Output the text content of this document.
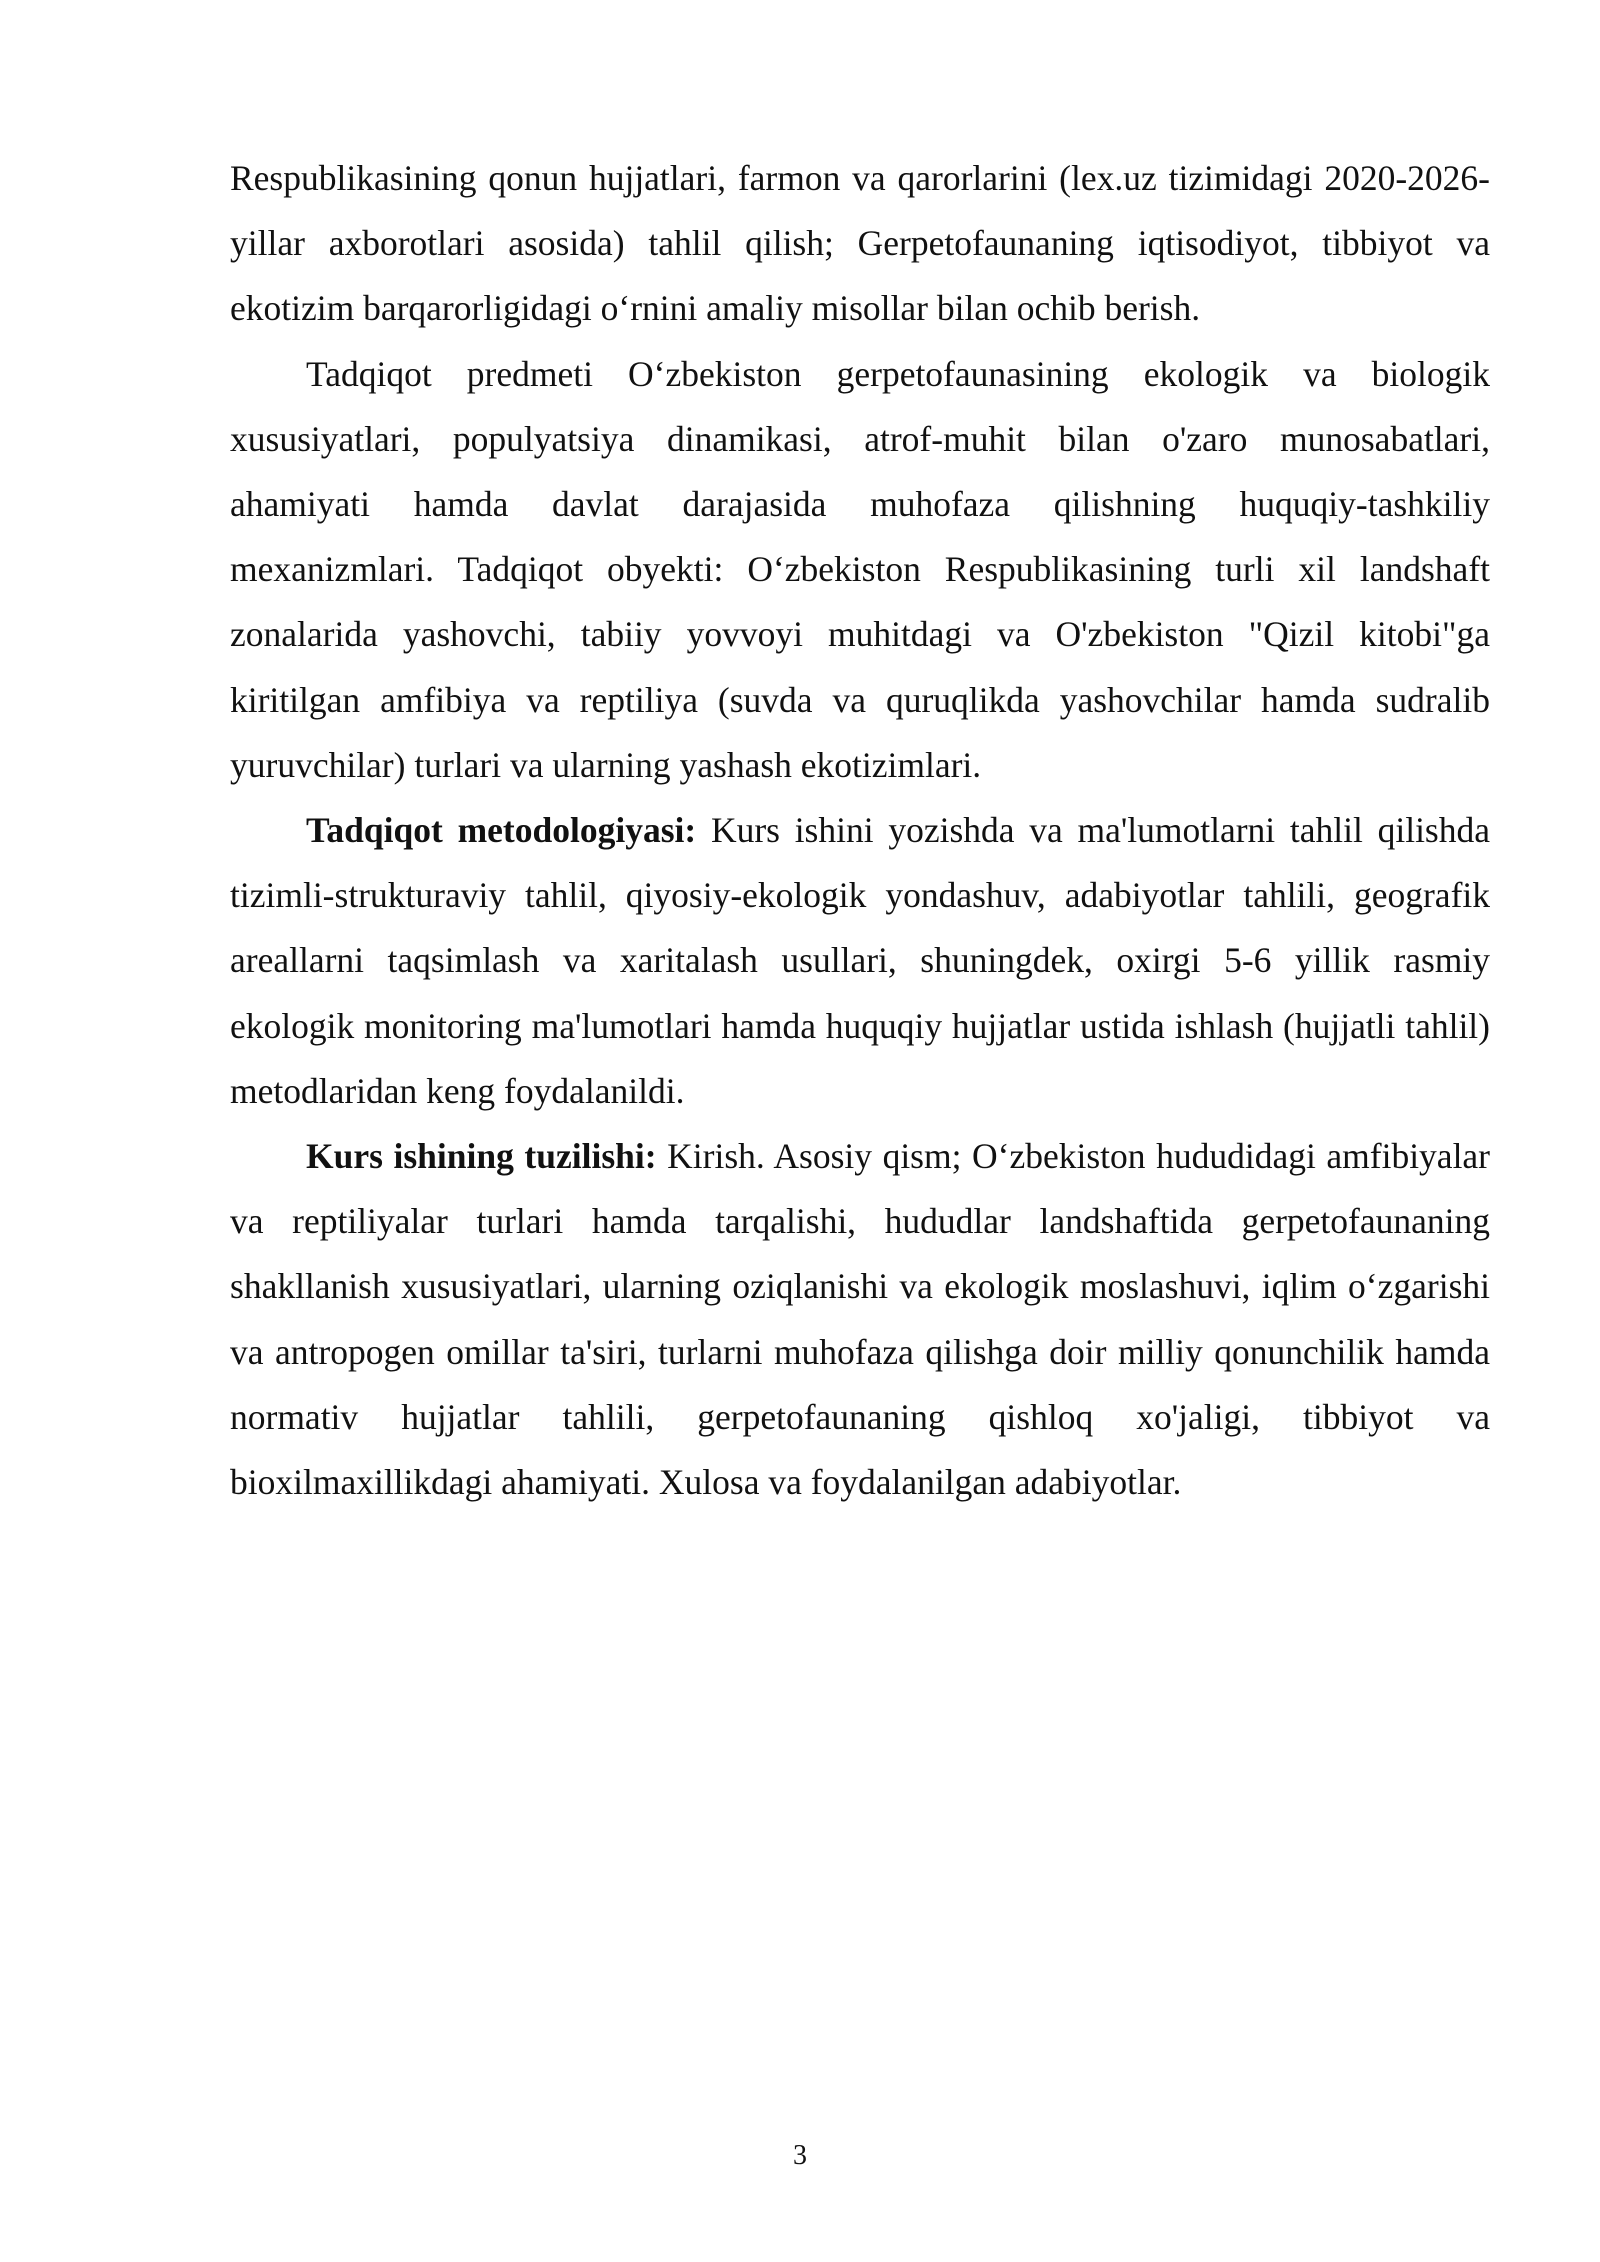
Respublikasining qonun hujjatlari, farmon va qarorlarini (lex.uz tizimidagi 2020-2026-yillar axborotlari asosida) tahlil qilish; Gerpetofaunaning iqtisodiyot, tibbiyot va ekotizim barqarorligidagi o‘rnini amaliy misollar bilan ochib berish.

Tadqiqot predmeti O‘zbekiston gerpetofaunasining ekologik va biologik xususiyatlari, populyatsiya dinamikasi, atrof-muhit bilan o'zaro munosabatlari, ahamiyati hamda davlat darajasida muhofaza qilishning huquqiy-tashkiliy mexanizmlari. Tadqiqot obyekti: O‘zbekiston Respublikasining turli xil landshaft zonalarida yashovchi, tabiiy yovvoyi muhitdagi va O'zbekiston "Qizil kitobi"ga kiritilgan amfibiya va reptiliya (suvda va quruqlikda yashovchilar hamda sudralib yuruvchilar) turlari va ularning yashash ekotizimlari.

Tadqiqot metodologiyasi: Kurs ishini yozishda va ma'lumotlarni tahlil qilishda tizimli-strukturaviy tahlil, qiyosiy-ekologik yondashuv, adabiyotlar tahlili, geografik areallarni taqsimlash va xaritalash usullari, shuningdek, oxirgi 5-6 yillik rasmiy ekologik monitoring ma'lumotlari hamda huquqiy hujjatlar ustida ishlash (hujjatli tahlil) metodlaridan keng foydalanildi.

Kurs ishining tuzilishi: Kirish. Asosiy qism; O‘zbekiston hududidagi amfibiyalar va reptiliyalar turlari hamda tarqalishi, hududlar landshaftida gerpetofaunaning shakllanish xususiyatlari, ularning oziqlanishi va ekologik moslashuvi, iqlim o‘zgarishi va antropogen omillar ta'siri, turlarni muhofaza qilishga doir milliy qonunchilik hamda normativ hujjatlar tahlili, gerpetofaunaning qishloq xo'jaligi, tibbiyot va bioxilmaxillikdagi ahamiyati. Xulosa va foydalanilgan adabiyotlar.

3
